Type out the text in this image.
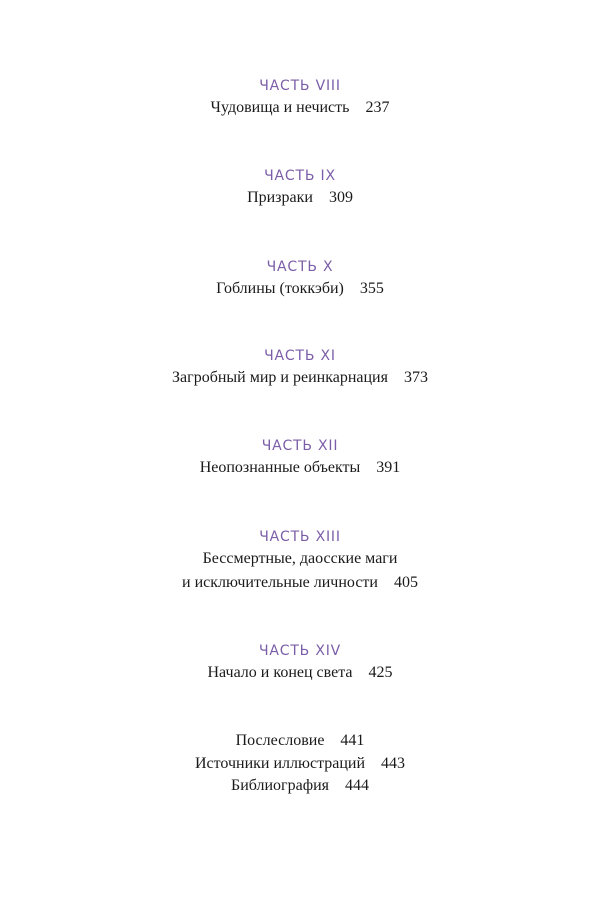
ЧАСТЬ VIII
Чудовища и нечисть 237
ЧАСТЬ IX
Призраки 309
ЧАСТЬ X
Гоблины (токкэби) 355
ЧАСТЬ XI
Загробный мир и реинкарнация 373
ЧАСТЬ XII
Неопознанные объекты 391
ЧАСТЬ XIII
Бессмертные, даосские маги
и исключительные личности 405
ЧАСТЬ XIV
Начало и конец света 425
Послесловие 441
Источники иллюстраций 443
Библиография 444
